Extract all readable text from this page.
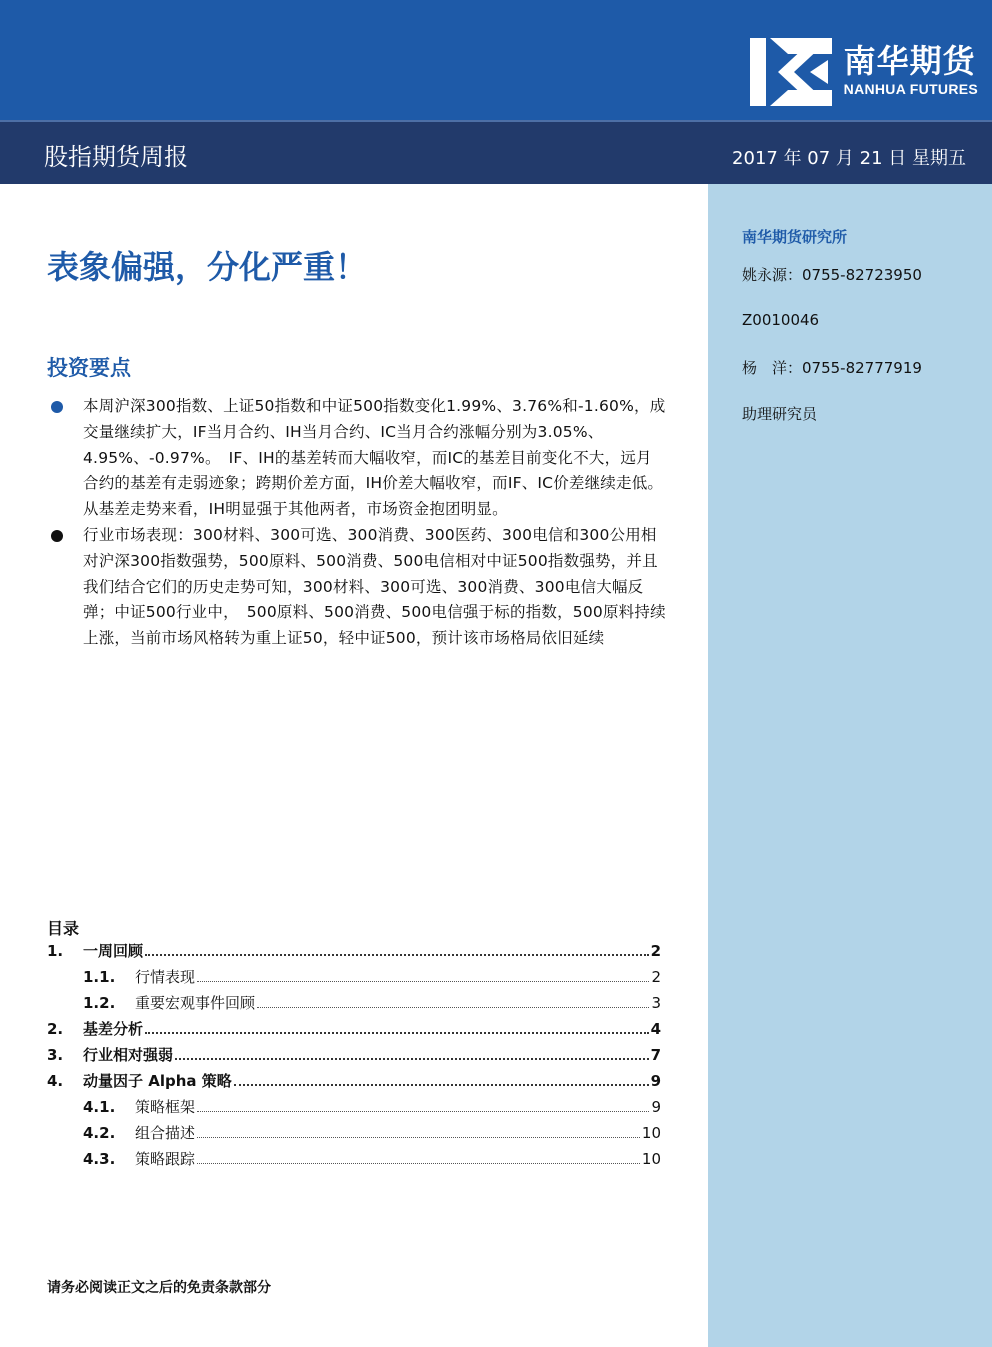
南华期货
NANHUA FUTURES
股指期货周报	2017 年 07 月 21 日 星期五
南华期货研究所
姚永源：0755-82723950
Z0010046
杨　洋：0755-82777919
助理研究员
表象偏强，分化严重！
投资要点
本周沪深300指数、上证50指数和中证500指数变化1.99%、3.76%和-1.60%，成交量继续扩大，IF当月合约、IH当月合约、IC当月合约涨幅分别为3.05%、4.95%、-0.97%。　IF、IH的基差转而大幅收窄，而IC的基差目前变化不大，远月合约的基差有走弱迹象；跨期价差方面，IH价差大幅收窄，而IF、IC价差继续走低。从基差走势来看，IH明显强于其他两者，市场资金抱团明显。
行业市场表现：300材料、300可选、300消费、300医药、300电信和300公用相对沪深300指数强势，500原料、500消费、500电信相对中证500指数强势，并且我们结合它们的历史走势可知，300材料、300可选、300消费、300电信大幅反弹；中证500行业中，　500原料、500消费、500电信强于标的指数，500原料持续上涨，当前市场风格转为重上证50，轻中证500，预计该市场格局依旧延续
目录
1.	一周回顾	2
1.1.	行情表现	2
1.2.	重要宏观事件回顾	3
2.	基差分析	4
3.	行业相对强弱	7
4.	动量因子 Alpha 策略	9
4.1.	策略框架	9
4.2.	组合描述	10
4.3.	策略跟踪	10
请务必阅读正文之后的免责条款部分
